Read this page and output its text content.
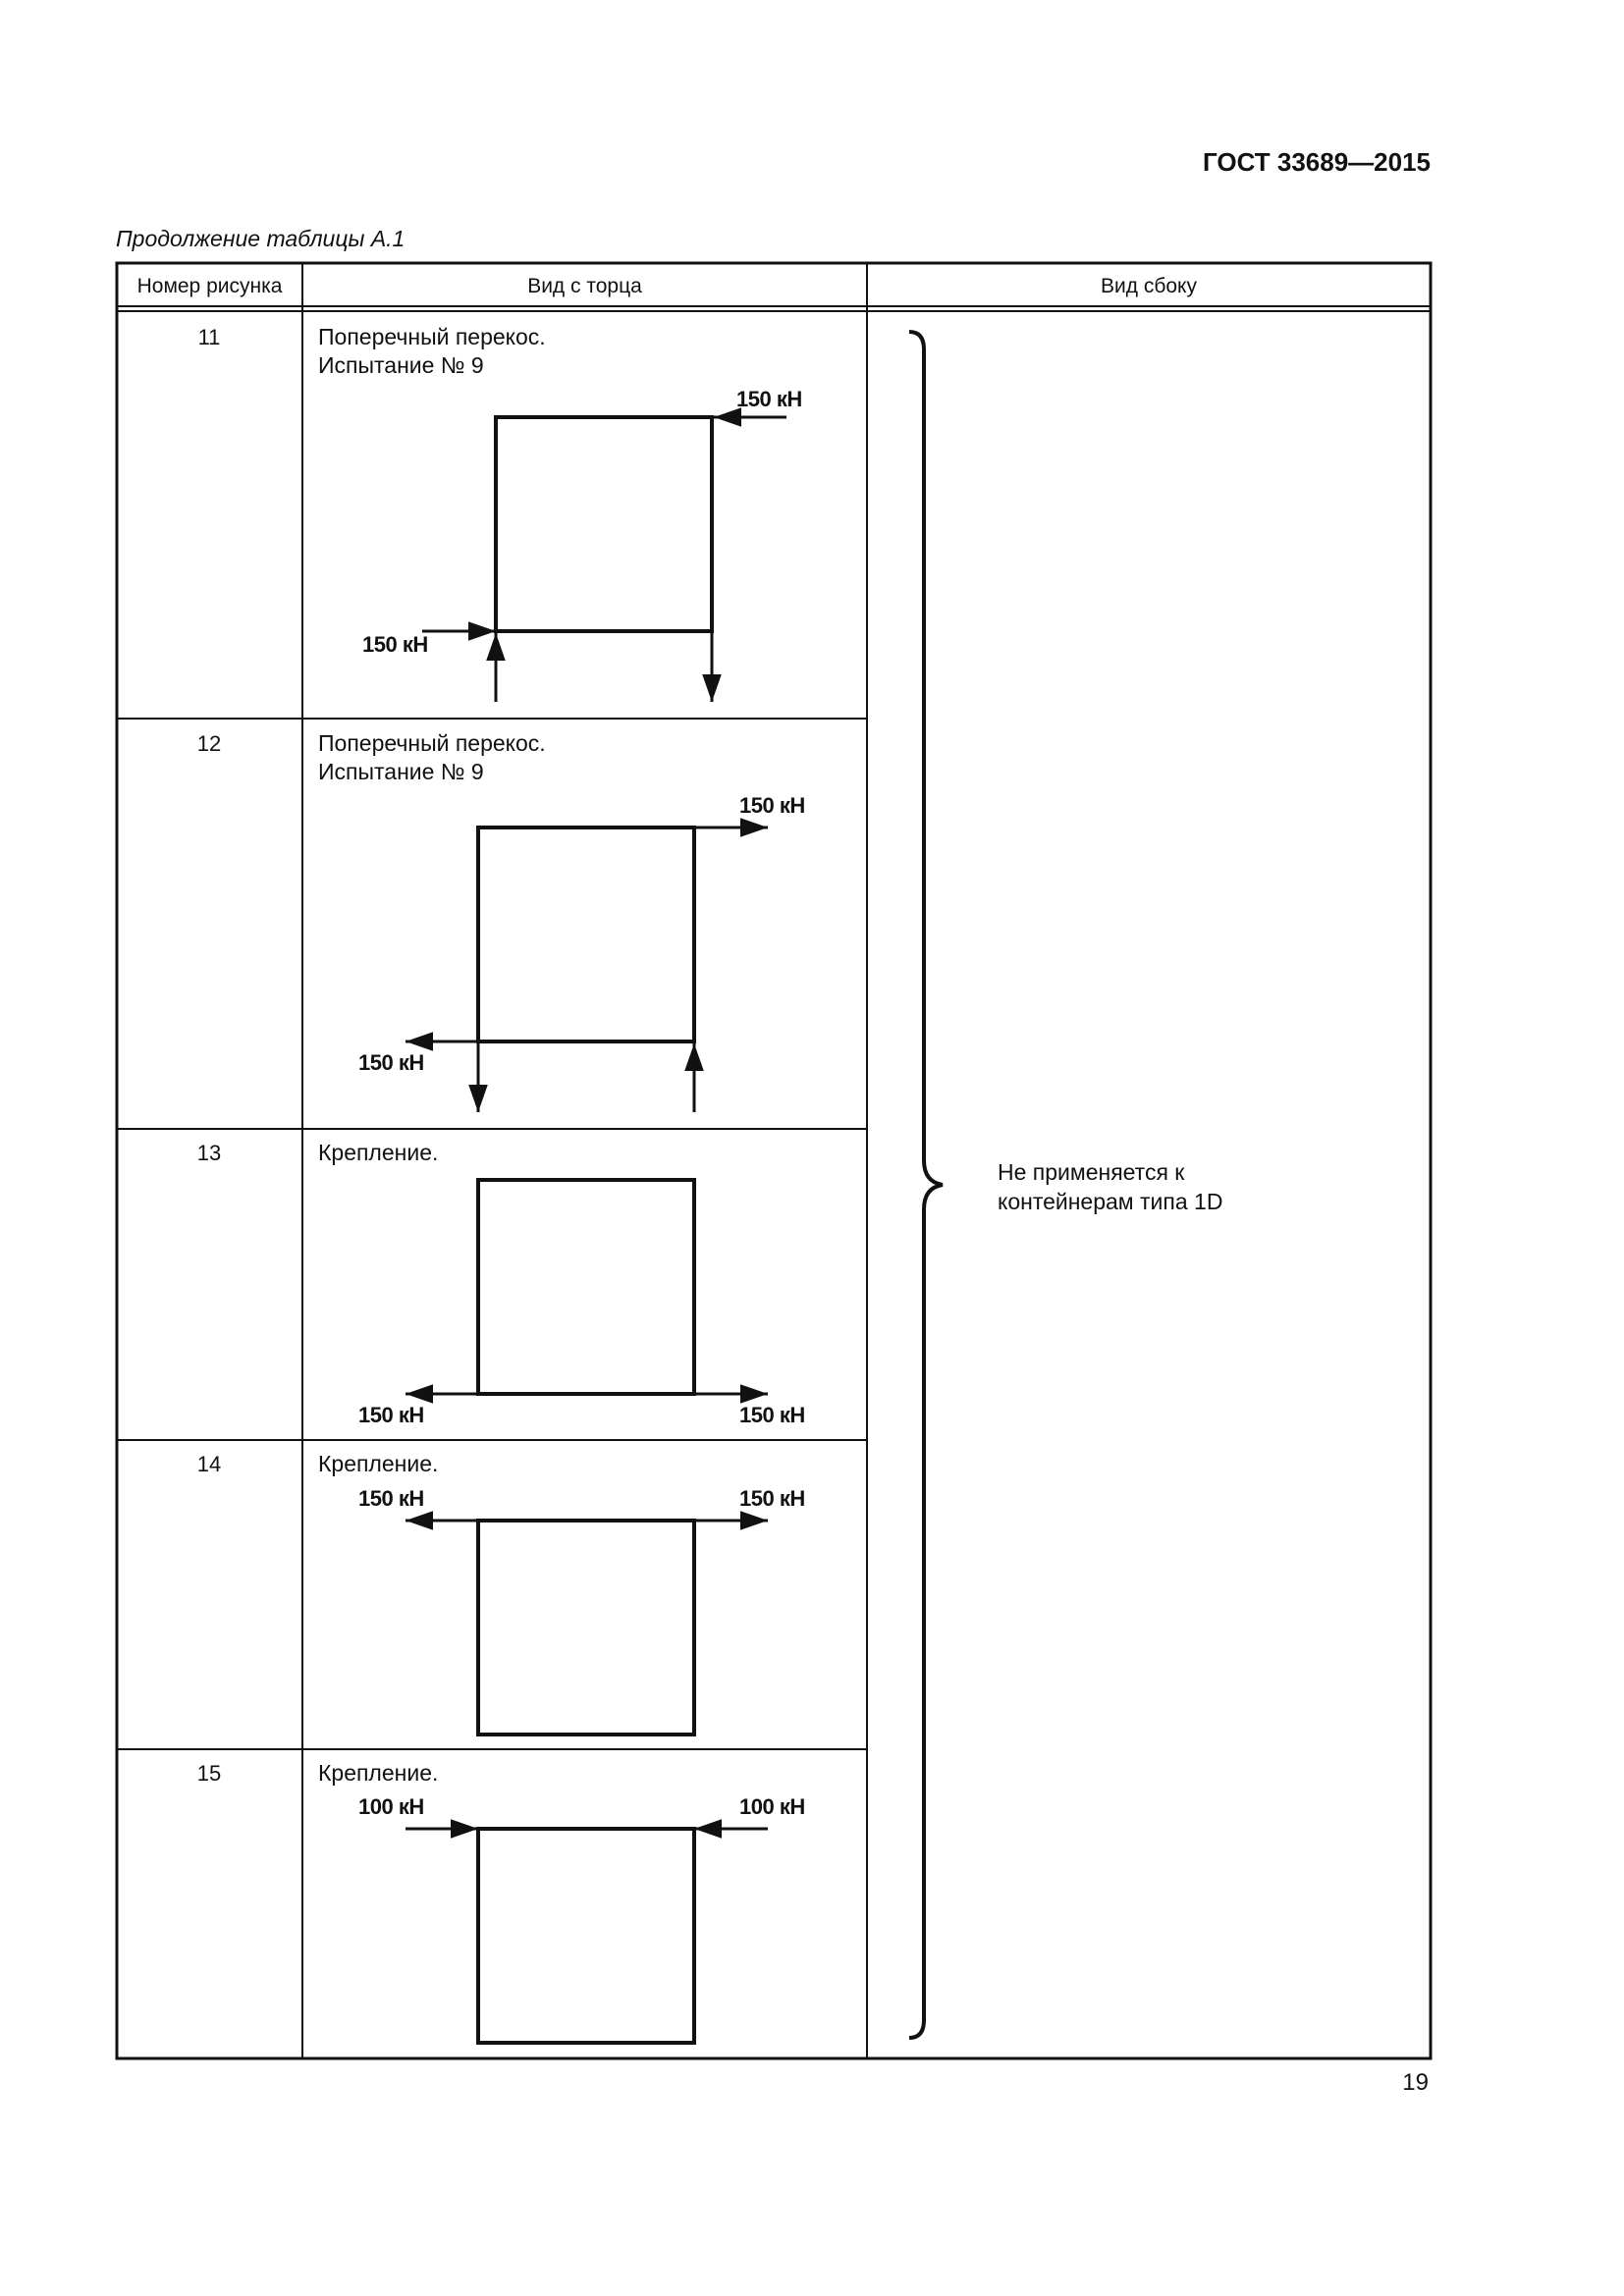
ГОСТ 33689—2015
Продолжение таблицы А.1
Номер рисунка	Вид с торца	Вид сбоку
11	Поперечный перекос.
Испытание № 9
150 кН
150 кН
12	Поперечный перекос.
Испытание № 9
150 кН
150 кН
13	Крепление.
150 кН	150 кН
14	Крепление.
150 кН	150 кН
15	Крепление.
100 кН	100 кН
Не применяется к
контейнерам типа 1D
19
